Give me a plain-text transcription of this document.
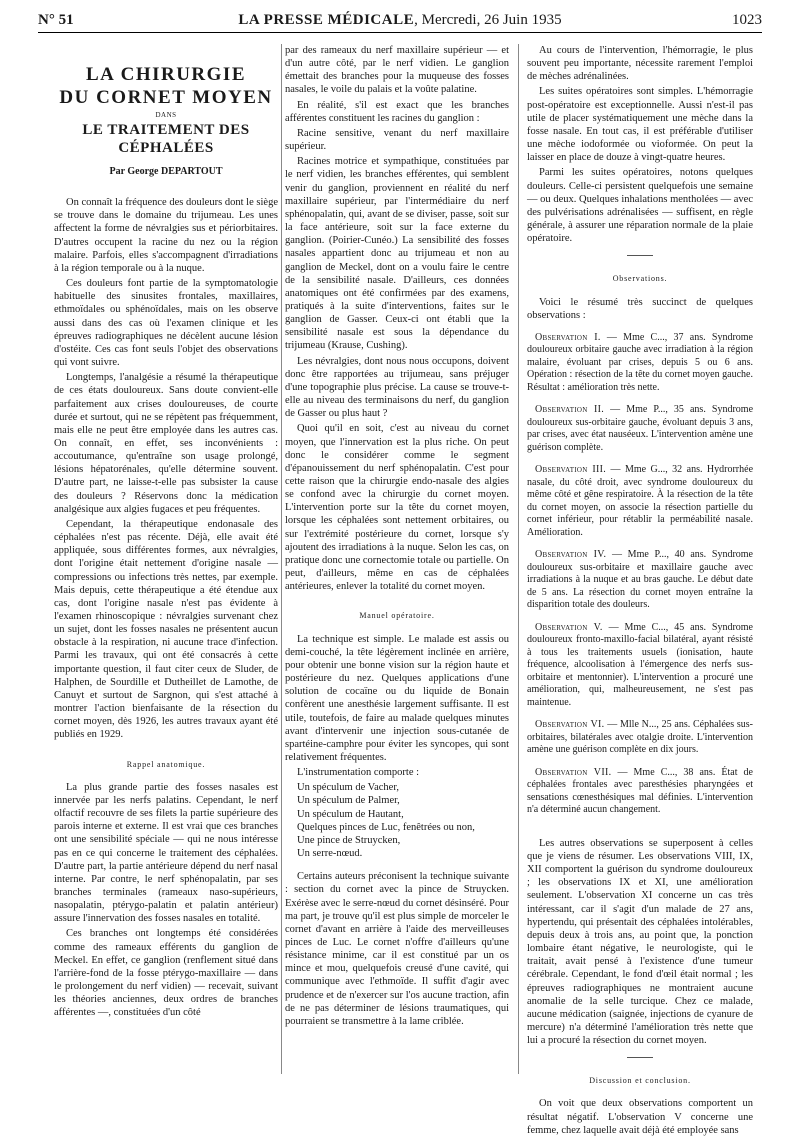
N° 51	LA PRESSE MÉDICALE, Mercredi, 26 Juin 1935	1023
LA CHIRURGIE
DU CORNET MOYEN
DANS
LE TRAITEMENT DES CÉPHALÉES

Par George DEPARTOUT

On connaît la fréquence des douleurs dont le siège se trouve dans le domaine du trijumeau. Les unes affectent la forme de névralgies sus et périorbitaires. D'autres occupent la racine du nez ou la région malaire. Parfois, elles s'accompagnent d'irradiations à la région temporale ou à la nuque.

Ces douleurs font partie de la symptomatologie habituelle des sinusites frontales, maxillaires, ethmoïdales ou sphénoïdales, mais on les observe aussi dans des cas où l'examen clinique et les épreuves radiographiques ne décèlent aucune lésion d'ostéite. Ces cas font seuls l'objet des observations qui vont suivre.

Longtemps, l'analgésie a résumé la thérapeutique de ces états douloureux. Sans doute convient-elle parfaitement aux crises douloureuses, de courte durée et surtout, qui ne se répètent pas fréquemment, mais elle ne peut être employée dans les autres cas. On connaît, en effet, ses inconvénients : accoutumance, qu'entraîne son usage prolongé, lésions hépatorénales, qu'elle détermine souvent. D'autre part, ne laisse-t-elle pas subsister la cause des douleurs ? Réservons donc la médication analgésique aux algies fugaces et peu fréquentes.

Cependant, la thérapeutique endonasale des céphalées n'est pas récente. Déjà, elle avait été appliquée, sous différentes formes, aux névralgies, dont l'origine était nettement d'origine nasale — compressions ou infections très nettes, par exemple. Mais depuis, cette thérapeutique a été étendue aux cas, dont l'origine nasale n'est pas évidente à l'examen rhinoscopique : névralgies survenant chez un sujet, dont les fosses nasales ne présentent aucun obstacle à la respiration, ni aucune trace d'infection. Parmi les travaux, qui ont été consacrés à cette importante question, il faut citer ceux de Sluder, de Halphen, de Sourdille et Dutheillet de Lamothe, de Canuyt et surtout de Sargnon, qui s'est attaché à montrer l'action bienfaisante de la résection du cornet moyen, dès 1926, les autres travaux ayant été publiés en 1929.

Rappel anatomique.

La plus grande partie des fosses nasales est innervée par les nerfs palatins. Cependant, le nerf olfactif recouvre de ses filets la partie supérieure des parois interne et externe. Il est vrai que ces branches ont une sensibilité spéciale — qui ne nous intéresse pas en ce qui concerne le traitement des céphalées. D'autre part, la partie antérieure dépend du nerf nasal interne. Par contre, le nerf sphénopalatin, par ses branches terminales (rameaux naso-supérieurs, nasopalatin, ptérygo-palatin et palatin antérieur) assure l'innervation des fosses nasales en totalité.

Ces branches ont longtemps été considérées comme des rameaux efférents du ganglion de Meckel. En effet, ce ganglion (renflement situé dans l'arrière-fond de la fosse ptérygo-maxillaire — dans le prolongement du nerf vidien) — recevait, suivant les théories anciennes, deux ordres de branches afférentes —, constituées d'un côté

par des rameaux du nerf maxillaire supérieur — et d'un autre côté, par le nerf vidien. Le ganglion émettait des branches pour la muqueuse des fosses nasales, le voile du palais et la voûte palatine.

En réalité, s'il est exact que les branches afférentes constituent les racines du ganglion :

Racine sensitive, venant du nerf maxillaire supérieur.

Racines motrice et sympathique, constituées par le nerf vidien, les branches efférentes, qui semblent venir du ganglion, proviennent en réalité du nerf maxillaire supérieur, par l'intermédiaire du nerf sphénopalatin, qui, avant de se diviser, passe, soit sur la face antérieure, soit sur la face externe du ganglion. (Poirier-Cunéo.) La sensibilité des fosses nasales appartient donc au trijumeau et non au ganglion de Meckel, dont on a voulu faire le centre de la sensibilité nasale. D'ailleurs, ces données anatomiques ont été confirmées par des examens, pratiqués à la suite d'interventions, faites sur le ganglion de Gasser. Ceux-ci ont établi que la sensibilité nasale est sous la dépendance du trijumeau (Krause, Cushing).

Les névralgies, dont nous nous occupons, doivent donc être rapportées au trijumeau, sans préjuger d'une topographie plus précise. La cause se trouve-t-elle au niveau des terminaisons du nerf, du ganglion de Gasser ou plus haut ?

Quoi qu'il en soit, c'est au niveau du cornet moyen, que l'innervation est la plus riche. On peut donc le considérer comme le segment d'épanouissement du nerf sphénopalatin. C'est pour cette raison que la chirurgie endo-nasale des algies se confond avec la chirurgie du cornet moyen. L'intervention porte sur la tête du cornet moyen, lorsque les céphalées sont nettement orbitaires, ou sur l'extrémité postérieure du cornet, lorsque s'y ajoutent des irradiations à la nuque. Selon les cas, on pratique donc une cornectomie totale ou partielle. On peut, d'ailleurs, même en cas de céphalées antérieures, enlever la totalité du cornet moyen.

Manuel opératoire.

La technique est simple. Le malade est assis ou demi-couché, la tête légèrement inclinée en arrière, pour obtenir une bonne vision sur la région haute et postérieure du nez. Quelques applications d'une solution de cocaïne ou du liquide de Bonain confèrent une anesthésie largement suffisante. Il est utile, toutefois, de faire au malade quelques minutes avant d'intervenir une injection sous-cutanée de spartéine-camphre pour éviter les syncopes, qui sont relativement fréquentes.

L'instrumentation comporte :

Un spéculum de Vacher,

Un spéculum de Palmer,

Un spéculum de Hautant,

Quelques pinces de Luc, fenêtrées ou non,

Une pince de Struycken,

Un serre-nœud.

Certains auteurs préconisent la technique suivante : section du cornet avec la pince de Struycken. Exérèse avec le serre-nœud du cornet désinséré. Pour ma part, je trouve qu'il est plus simple de morceler le cornet d'avant en arrière à l'aide des merveilleuses pinces de Luc. Le cornet n'offre d'ailleurs qu'une résistance minime, car il est constitué par un os mince et mou, quelquefois creusé d'une cavité, qui communique avec l'ethmoïde. Il suffit d'agir avec prudence et de n'exercer sur l'os aucune traction, afin de ne pas déterminer de lésions traumatiques, qui pourraient se transmettre à la lame criblée.

Au cours de l'intervention, l'hémorragie, le plus souvent peu importante, nécessite rarement l'emploi de mèches adrénalinées.

Les suites opératoires sont simples. L'hémorragie post-opératoire est exceptionnelle. Aussi n'est-il pas utile de placer systématiquement une mèche dans la fosse nasale. En tout cas, il est préférable d'utiliser une mèche iodoformée ou vioformée. On peut la laisser en place de douze à vingt-quatre heures.

Parmi les suites opératoires, notons quelques douleurs. Celle-ci persistent quelquefois une semaine — ou deux. Quelques inhalations mentholées — avec des pulvérisations adrénalisées — suffisent, en règle générale, à assurer une réparation normale de la plaie opératoire.

Observations.

Voici le résumé très succinct de quelques observations :

Observation I. — Mme C..., 37 ans. Syndrome douloureux orbitaire gauche avec irradiation à la région malaire, évoluant par crises, depuis 5 ou 6 ans. Opération : résection de la tête du cornet moyen gauche. Résultat : amélioration très nette.

Observation II. — Mme P..., 35 ans. Syndrome douloureux sus-orbitaire gauche, évoluant depuis 3 ans, par crises, avec état nauséeux. L'intervention amène une guérison complète.

Observation III. — Mme G..., 32 ans. Hydrorrhée nasale, du côté droit, avec syndrome douloureux du même côté et gêne respiratoire. À la résection de la tête du cornet moyen, on associe la résection partielle du cornet inférieur, pour rétablir la perméabilité nasale. Amélioration.

Observation IV. — Mme P..., 40 ans. Syndrome douloureux sus-orbitaire et maxillaire gauche avec irradiations à la nuque et au bras gauche. Le début date de 5 ans. La résection du cornet moyen entraîne la disparition totale des douleurs.

Observation V. — Mme C..., 45 ans. Syndrome douloureux fronto-maxillo-facial bilatéral, ayant résisté à tous les traitements usuels (ionisation, haute fréquence, alcoolisation à l'émergence des nerfs sus-orbitaire et mentonnier). L'intervention a procuré une amélioration, qui, malheureusement, ne s'est pas maintenue.

Observation VI. — Mlle N..., 25 ans. Céphalées sus-orbitaires, bilatérales avec otalgie droite. L'intervention amène une guérison complète en dix jours.

Observation VII. — Mme C..., 38 ans. État de céphalées frontales avec paresthésies pharyngées et sensations cœnesthésiques mal définies. L'intervention n'a déterminé aucun changement.

Les autres observations se superposent à celles que je viens de résumer. Les observations VIII, IX, XII comportent la guérison du syndrome douloureux ; les observations IX et XI, une amélioration seulement. L'observation XI concerne un cas très intéressant, car il s'agit d'un malade de 27 ans, hypertendu, qui présentait des céphalées intolérables, depuis deux à trois ans, au point que, la ponction lombaire étant négative, le neurologiste, qui le traitait, avait pensé à l'existence d'une tumeur cérébrale. Cependant, le fond d'œil était normal ; les épreuves radiographiques ne montraient aucune anomalie de la selle turcique. Chez ce malade, aucune médication (saignée, injections de cyanure de mercure) n'a déterminé l'amélioration très nette que lui a procuré la résection du cornet moyen.

Discussion et conclusion.

On voit que deux observations comportent un résultat négatif. L'observation V concerne une femme, chez laquelle avait déjà été employée sans
